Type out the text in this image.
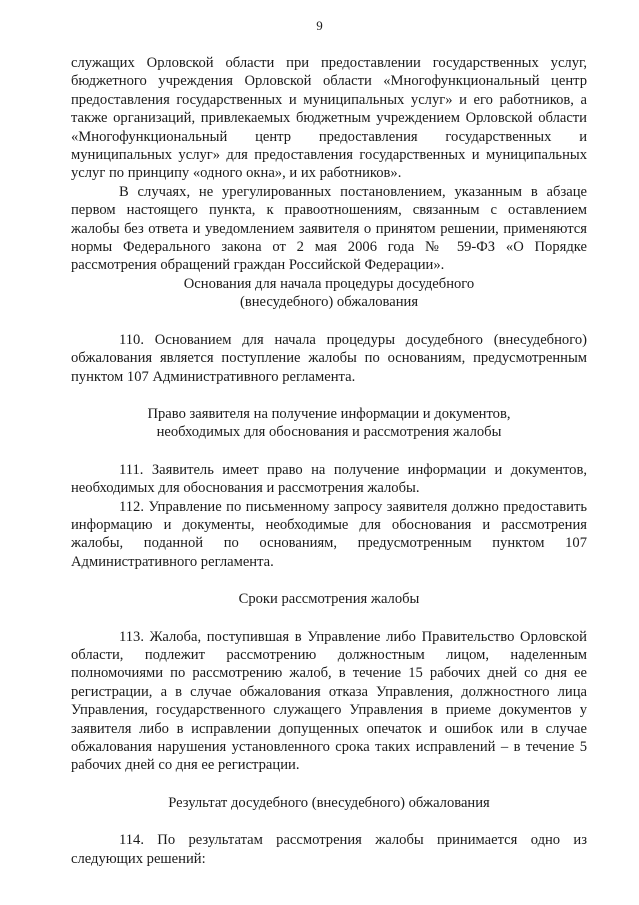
9

служащих Орловской области при предоставлении государственных услуг, бюджетного учреждения Орловской области «Многофункциональный центр предоставления государственных и муниципальных услуг» и его работников, а также организаций, привлекаемых бюджетным учреждением Орловской области «Многофункциональный центр предоставления государственных и муниципальных услуг» для предоставления государственных и муниципальных услуг по принципу «одного окна», и их работников».

В случаях, не урегулированных постановлением, указанным в абзаце первом настоящего пункта, к правоотношениям, связанным с оставлением жалобы без ответа и уведомлением заявителя о принятом решении, применяются нормы Федерального закона от 2 мая 2006 года № 59-ФЗ «О Порядке рассмотрения обращений граждан Российской Федерации».

Основания для начала процедуры досудебного
(внесудебного) обжалования

110. Основанием для начала процедуры досудебного (внесудебного) обжалования является поступление жалобы по основаниям, предусмотренным пунктом 107 Административного регламента.

Право заявителя на получение информации и документов,
необходимых для обоснования и рассмотрения жалобы

111. Заявитель имеет право на получение информации и документов, необходимых для обоснования и рассмотрения жалобы.

112. Управление по письменному запросу заявителя должно предоставить информацию и документы, необходимые для обоснования и рассмотрения жалобы, поданной по основаниям, предусмотренным пунктом 107 Административного регламента.

Сроки рассмотрения жалобы

113. Жалоба, поступившая в Управление либо Правительство Орловской области, подлежит рассмотрению должностным лицом, наделенным полномочиями по рассмотрению жалоб, в течение 15 рабочих дней со дня ее регистрации, а в случае обжалования отказа Управления, должностного лица Управления, государственного служащего Управления в приеме документов у заявителя либо в исправлении допущенных опечаток и ошибок или в случае обжалования нарушения установленного срока таких исправлений – в течение 5 рабочих дней со дня ее регистрации.

Результат досудебного (внесудебного) обжалования

114. По результатам рассмотрения жалобы принимается одно из следующих решений:
